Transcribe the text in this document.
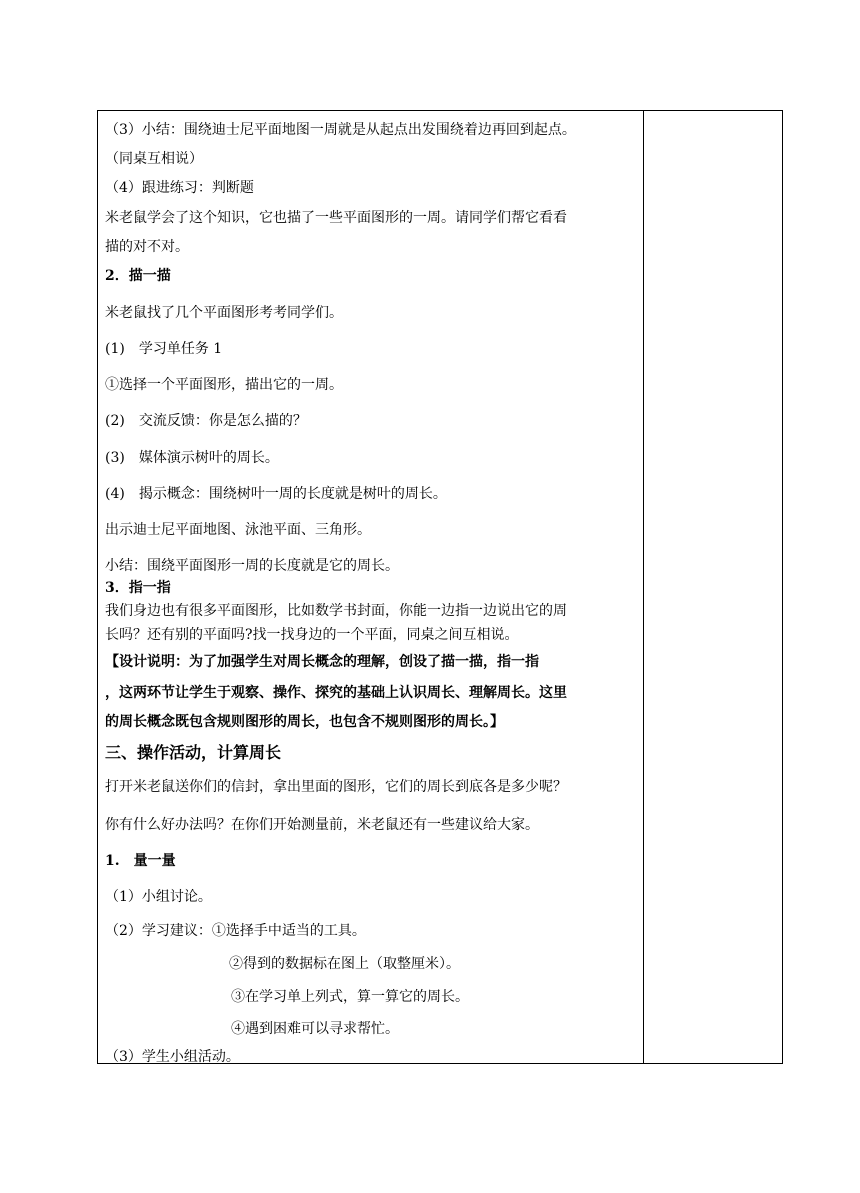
（3）小结：围绕迪士尼平面地图一周就是从起点出发围绕着边再回到起点。
（同桌互相说）
（4）跟进练习：判断题
米老鼠学会了这个知识，它也描了一些平面图形的一周。请同学们帮它看看
描的对不对。
2．描一描
米老鼠找了几个平面图形考考同学们。
(1)　学习单任务 1
①选择一个平面图形，描出它的一周。
(2)　交流反馈：你是怎么描的？
(3)　媒体演示树叶的周长。
(4)　揭示概念：围绕树叶一周的长度就是树叶的周长。
出示迪士尼平面地图、泳池平面、三角形。
小结：围绕平面图形一周的长度就是它的周长。
3．指一指
我们身边也有很多平面图形，比如数学书封面，你能一边指一边说出它的周
长吗？还有别的平面吗?找一找身边的一个平面，同桌之间互相说。
【设计说明：为了加强学生对周长概念的理解，创设了描一描，指一指
，这两环节让学生于观察、操作、探究的基础上认识周长、理解周长。这里
的周长概念既包含规则图形的周长，也包含不规则图形的周长。】
三、操作活动，计算周长
打开米老鼠送你们的信封，拿出里面的图形，它们的周长到底各是多少呢？
你有什么好办法吗？在你们开始测量前，米老鼠还有一些建议给大家。
1.　量一量
（1）小组讨论。
（2）学习建议：①选择手中适当的工具。
②得到的数据标在图上（取整厘米）。
③在学习单上列式，算一算它的周长。
④遇到困难可以寻求帮忙。
（3）学生小组活动。
